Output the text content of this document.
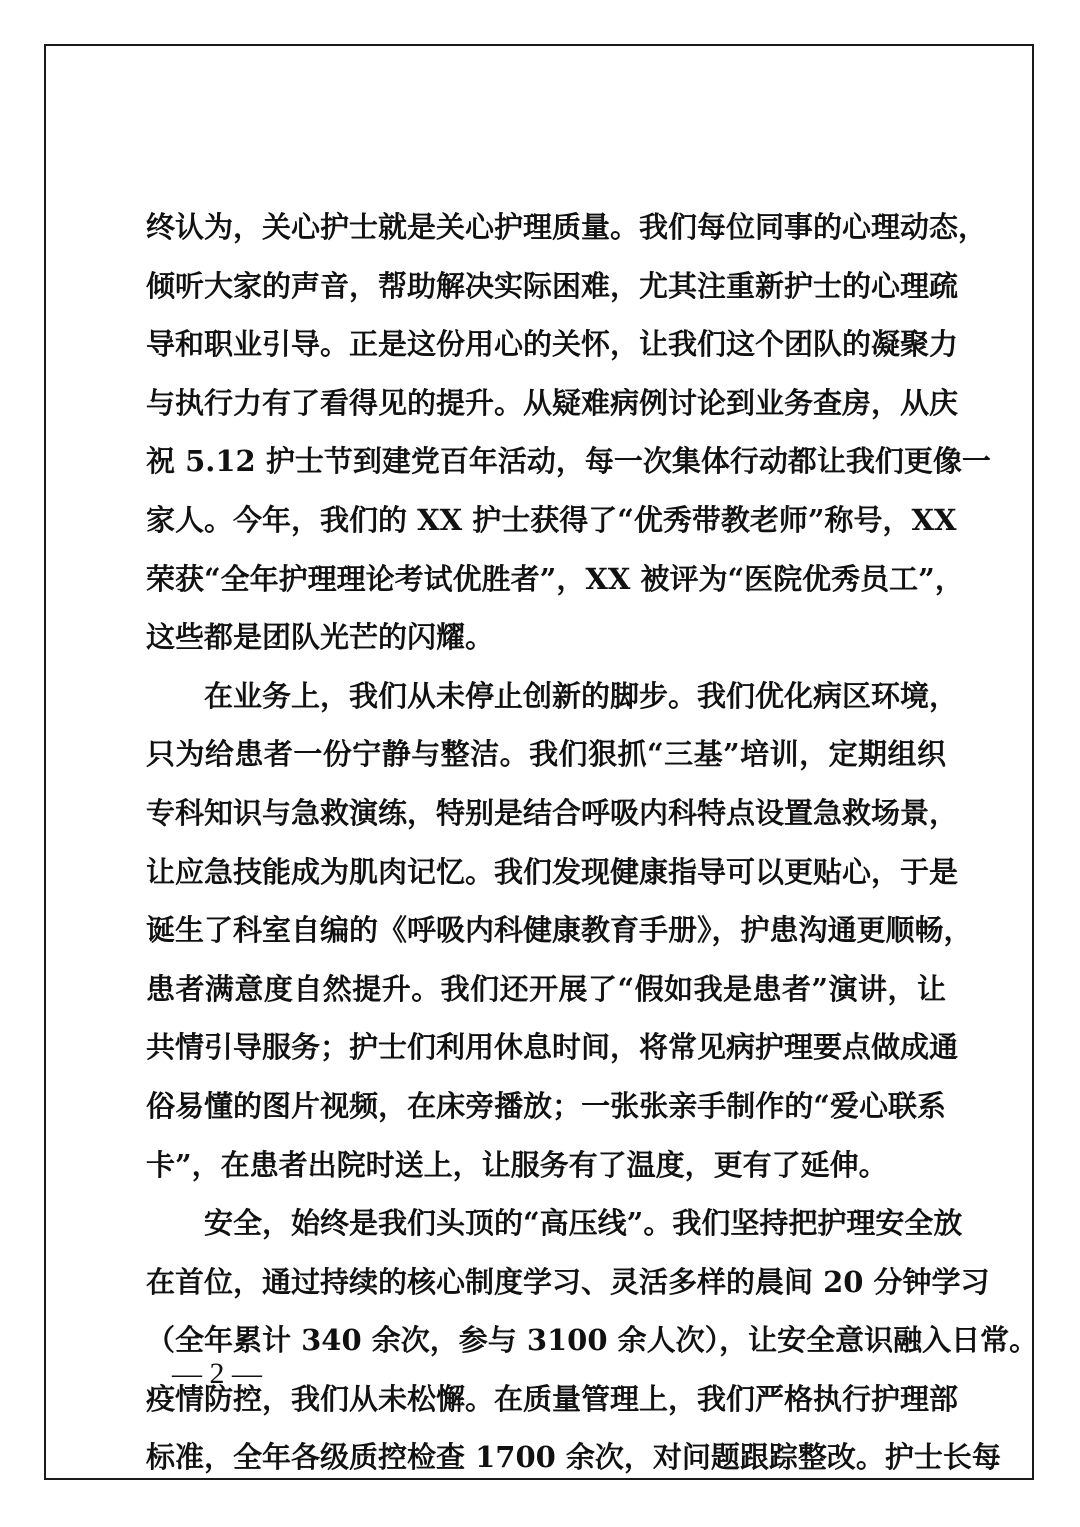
终认为，关心护士就是关心护理质量。我们每位同事的心理动态，
倾听大家的声音，帮助解决实际困难，尤其注重新护士的心理疏
导和职业引导。正是这份用心的关怀，让我们这个团队的凝聚力
与执行力有了看得见的提升。从疑难病例讨论到业务查房，从庆
祝 5.12 护士节到建党百年活动，每一次集体行动都让我们更像一
家人。今年，我们的 XX 护士获得了“优秀带教老师”称号，XX
荣获“全年护理理论考试优胜者”，XX 被评为“医院优秀员工”，
这些都是团队光芒的闪耀。
在业务上，我们从未停止创新的脚步。我们优化病区环境，
只为给患者一份宁静与整洁。我们狠抓“三基”培训，定期组织
专科知识与急救演练，特别是结合呼吸内科特点设置急救场景，
让应急技能成为肌肉记忆。我们发现健康指导可以更贴心，于是
诞生了科室自编的《呼吸内科健康教育手册》，护患沟通更顺畅，
患者满意度自然提升。我们还开展了“假如我是患者”演讲，让
共情引导服务；护士们利用休息时间，将常见病护理要点做成通
俗易懂的图片视频，在床旁播放；一张张亲手制作的“爱心联系
卡”，在患者出院时送上，让服务有了温度，更有了延伸。
安全，始终是我们头顶的“高压线”。我们坚持把护理安全放
在首位，通过持续的核心制度学习、灵活多样的晨间 20 分钟学习
（全年累计 340 余次，参与 3100 余人次），让安全意识融入日常。
疫情防控，我们从未松懈。在质量管理上，我们严格执行护理部
标准，全年各级质控检查 1700 余次，对问题跟踪整改。护士长每
— 2 —
